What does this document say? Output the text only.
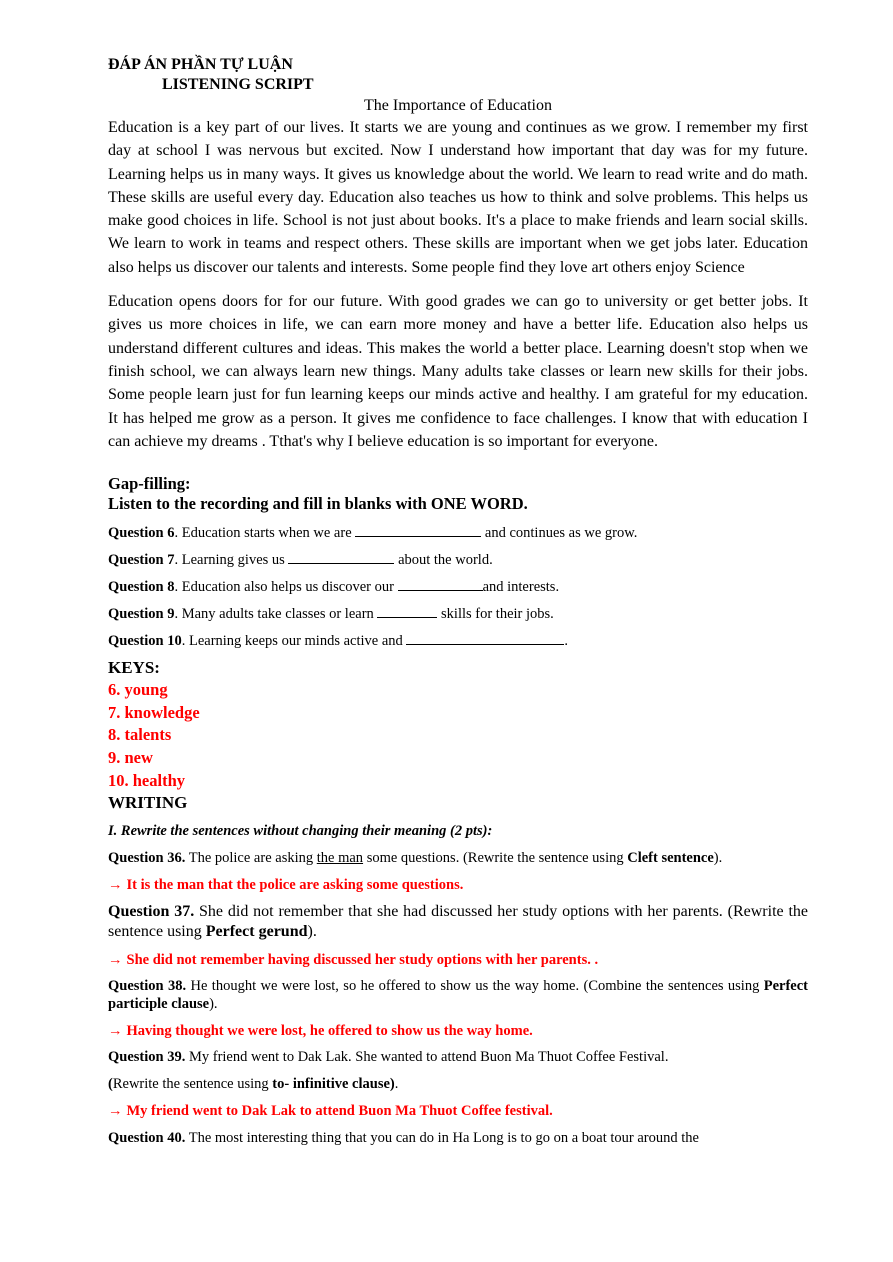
ĐÁP ÁN PHẦN TỰ LUẬN
LISTENING SCRIPT
The Importance of Education

Education is a key part of our lives. It starts we are young and continues as we grow. I remember my first day at school I was nervous but excited. Now I understand how important that day was for my future. Learning helps us in many ways. It gives us knowledge about the world. We learn to read write and do math. These skills are useful every day. Education also teaches us how to think and solve problems. This helps us make good choices in life. School is not just about books. It's a place to make friends and learn social skills. We learn to work in teams and respect others. These skills are important when we get jobs later. Education also helps us discover our talents and interests. Some people find they love art others enjoy Science

Education opens doors for for our future. With good grades we can go to university or get better jobs. It gives us more choices in life, we can earn more money and have a better life. Education also helps us understand different cultures and ideas. This makes the world a better place. Learning doesn't stop when we finish school, we can always learn new things. Many adults take classes or learn new skills for their jobs. Some people learn just for fun learning keeps our minds active and healthy. I am grateful for my education. It has helped me grow as a person. It gives me confidence to face challenges. I know that with education I can achieve my dreams . Tthat's why I believe education is so important for everyone.

Gap-filling:
Listen to the recording and fill in blanks with ONE WORD.
Question 6. Education starts when we are	and continues as we grow.
Question 7. Learning gives us	about the world.
Question 8. Education also helps us discover our	and interests.
Question 9. Many adults take classes or learn	skills for their jobs.
Question 10. Learning keeps our minds active and	.
KEYS:
6. young
7. knowledge
8. talents
9. new
10. healthy
WRITING
I. Rewrite the sentences without changing their meaning (2 pts):
Question 36. The police are asking the man some questions. (Rewrite the sentence using Cleft sentence).
→ It is the man that the police are asking some questions.
Question 37. She did not remember that she had discussed her study options with her parents. (Rewrite the sentence using Perfect gerund).
→ She did not remember having discussed her study options with her parents. .
Question 38. He thought we were lost, so he offered to show us the way home. (Combine the sentences using Perfect participle clause).
→ Having thought we were lost, he offered to show us the way home.
Question 39. My friend went to Dak Lak. She wanted to attend Buon Ma Thuot Coffee Festival.
(Rewrite the sentence using to- infinitive clause).
→ My friend went to Dak Lak to attend Buon Ma Thuot Coffee festival.
Question 40. The most interesting thing that you can do in Ha Long is to go on a boat tour around the
